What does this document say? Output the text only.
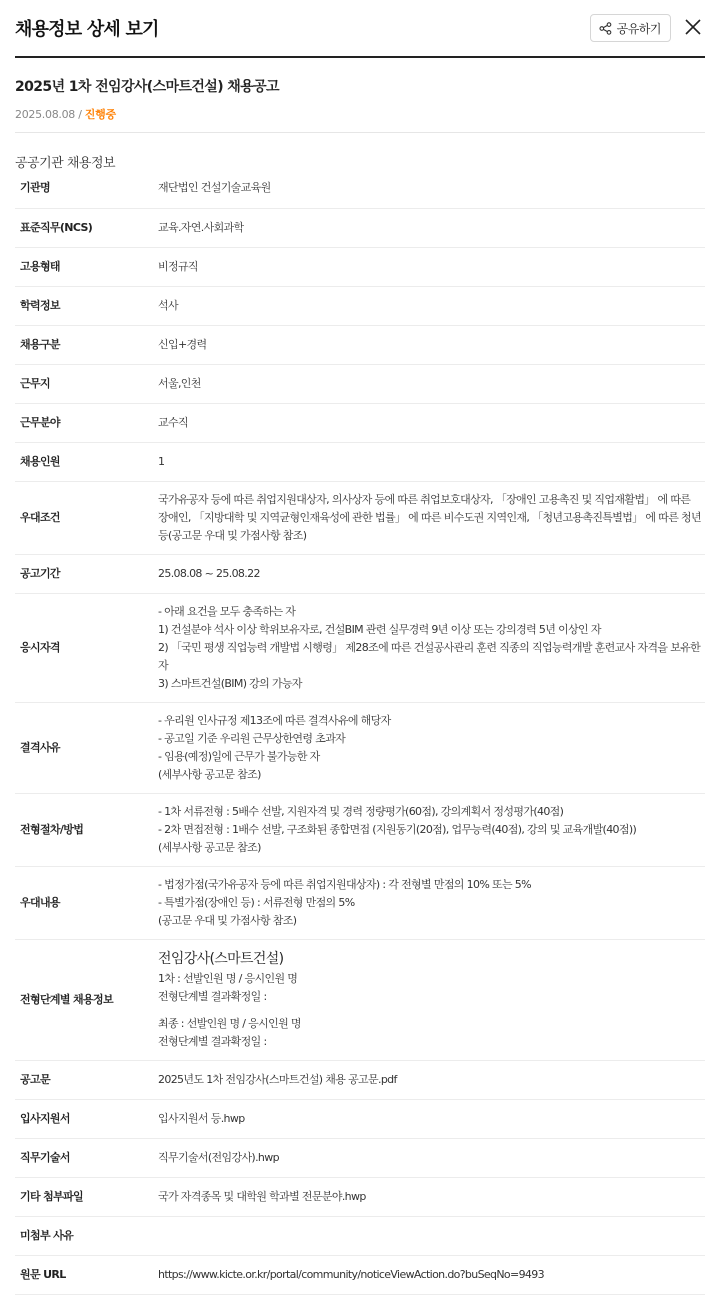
채용정보 상세 보기	공유하기
2025년 1차 전임강사(스마트건설) 채용공고
2025.08.08 / 진행중
공공기관 채용정보
기관명	재단법인 건설기술교육원
표준직무(NCS)	교육.자연.사회과학
고용형태	비정규직
학력정보	석사
채용구분	신입+경력
근무지	서울,인천
근무분야	교수직
채용인원	1
우대조건	국가유공자 등에 따른 취업지원대상자, 의사상자 등에 따른 취업보호대상자, 「장애인 고용촉진 및 직업재활법」 에 따른
장애인, 「지방대학 및 지역균형인재육성에 관한 법률」 에 따른 비수도권 지역인재, 「청년고용촉진특별법」 에 따른 청년
등(공고문 우대 및 가점사항 참조)

공고기간	25.08.08 ~ 25.08.22
응시자격	- 아래 요건을 모두 충족하는 자
1) 건설분야 석사 이상 학위보유자로, 건설BIM 관련 실무경력 9년 이상 또는 강의경력 5년 이상인 자
2) 「국민 평생 직업능력 개발법 시행령」 제28조에 따른 건설공사관리 훈련 직종의 직업능력개발 훈련교사 자격을 보유한 자
3) 스마트건설(BIM) 강의 가능자

결격사유	- 우리원 인사규정 제13조에 따른 결격사유에 해당자
- 공고일 기준 우리원 근무상한연령 초과자
- 임용(예정)일에 근무가 불가능한 자
(세부사항 공고문 참조)

전형절차/방법	- 1차 서류전형 : 5배수 선발, 지원자격 및 경력 정량평가(60점), 강의계획서 정성평가(40점)
- 2차 면접전형 : 1배수 선발, 구조화된 종합면접 (지원동기(20점), 업무능력(40점), 강의 및 교육개발(40점))
(세부사항 공고문 참조)

우대내용	- 법정가점(국가유공자 등에 따른 취업지원대상자) : 각 전형별 만점의 10% 또는 5%
- 특별가점(장애인 등) : 서류전형 만점의 5%
(공고문 우대 및 가점사항 참조)

전형단계별 채용정보	전임강사(스마트건설)
1차 : 선발인원 명 / 응시인원 명
전형단계별 결과확정일 :
최종 : 선발인원 명 / 응시인원 명
전형단계별 결과확정일 :

공고문	2025년도 1차 전임강사(스마트건설) 채용 공고문.pdf
입사지원서	입사지원서 등.hwp
직무기술서	직무기술서(전임강사).hwp
기타 첨부파일	국가 자격종목 및 대학원 학과별 전문분야.hwp
미첨부 사유	
원문 URL	https://www.kicte.or.kr/portal/community/noticeViewAction.do?buSeqNo=9493
